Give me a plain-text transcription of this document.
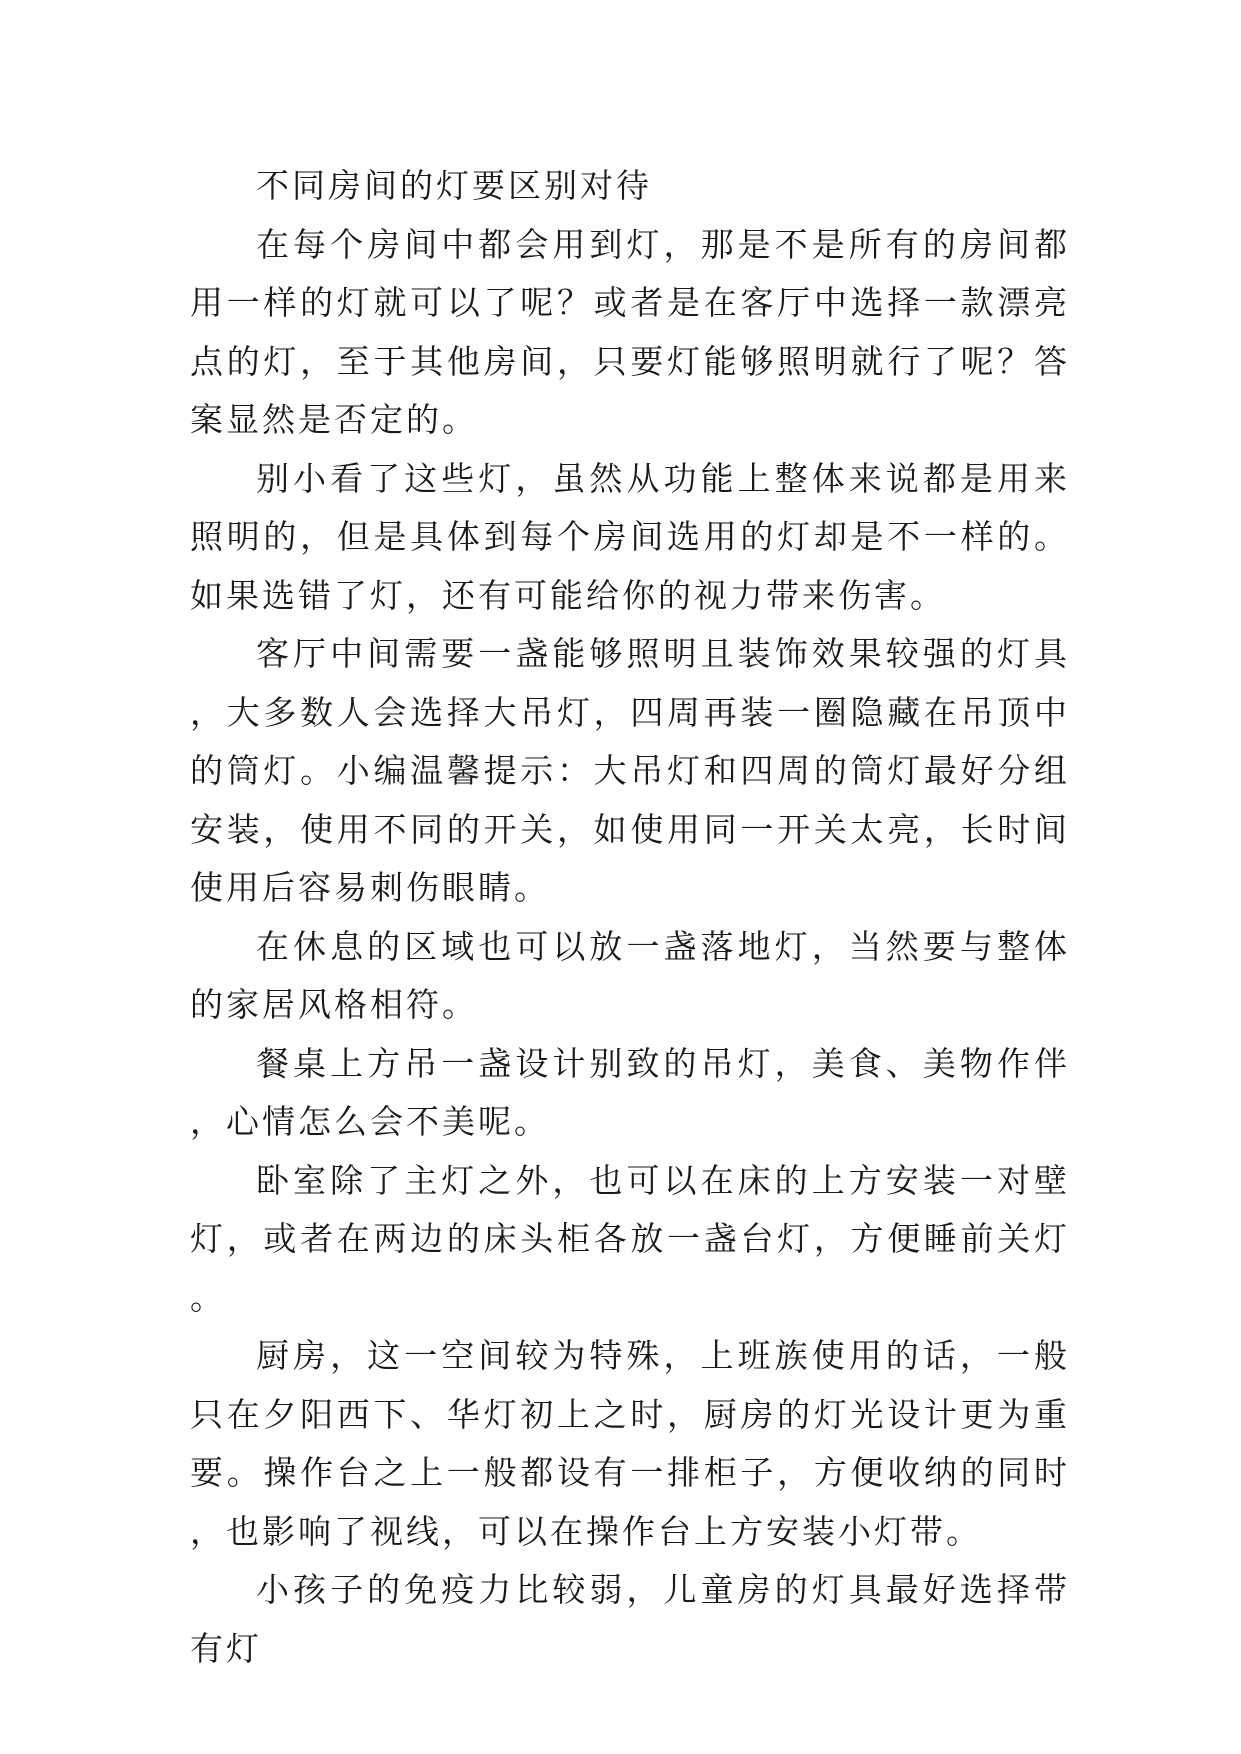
不同房间的灯要区别对待

在每个房间中都会用到灯，那是不是所有的房间都用一样的灯就可以了呢？或者是在客厅中选择一款漂亮点的灯，至于其他房间，只要灯能够照明就行了呢？答案显然是否定的。

别小看了这些灯，虽然从功能上整体来说都是用来照明的，但是具体到每个房间选用的灯却是不一样的。如果选错了灯，还有可能给你的视力带来伤害。

客厅中间需要一盏能够照明且装饰效果较强的灯具，大多数人会选择大吊灯，四周再装一圈隐藏在吊顶中的筒灯。小编温馨提示：大吊灯和四周的筒灯最好分组安装，使用不同的开关，如使用同一开关太亮，长时间使用后容易刺伤眼睛。

在休息的区域也可以放一盏落地灯，当然要与整体的家居风格相符。

餐桌上方吊一盏设计别致的吊灯，美食、美物作伴，心情怎么会不美呢。

卧室除了主灯之外，也可以在床的上方安装一对壁灯，或者在两边的床头柜各放一盏台灯，方便睡前关灯。

厨房，这一空间较为特殊，上班族使用的话，一般只在夕阳西下、华灯初上之时，厨房的灯光设计更为重要。操作台之上一般都设有一排柜子，方便收纳的同时，也影响了视线，可以在操作台上方安装小灯带。

小孩子的免疫力比较弱，儿童房的灯具最好选择带有灯
